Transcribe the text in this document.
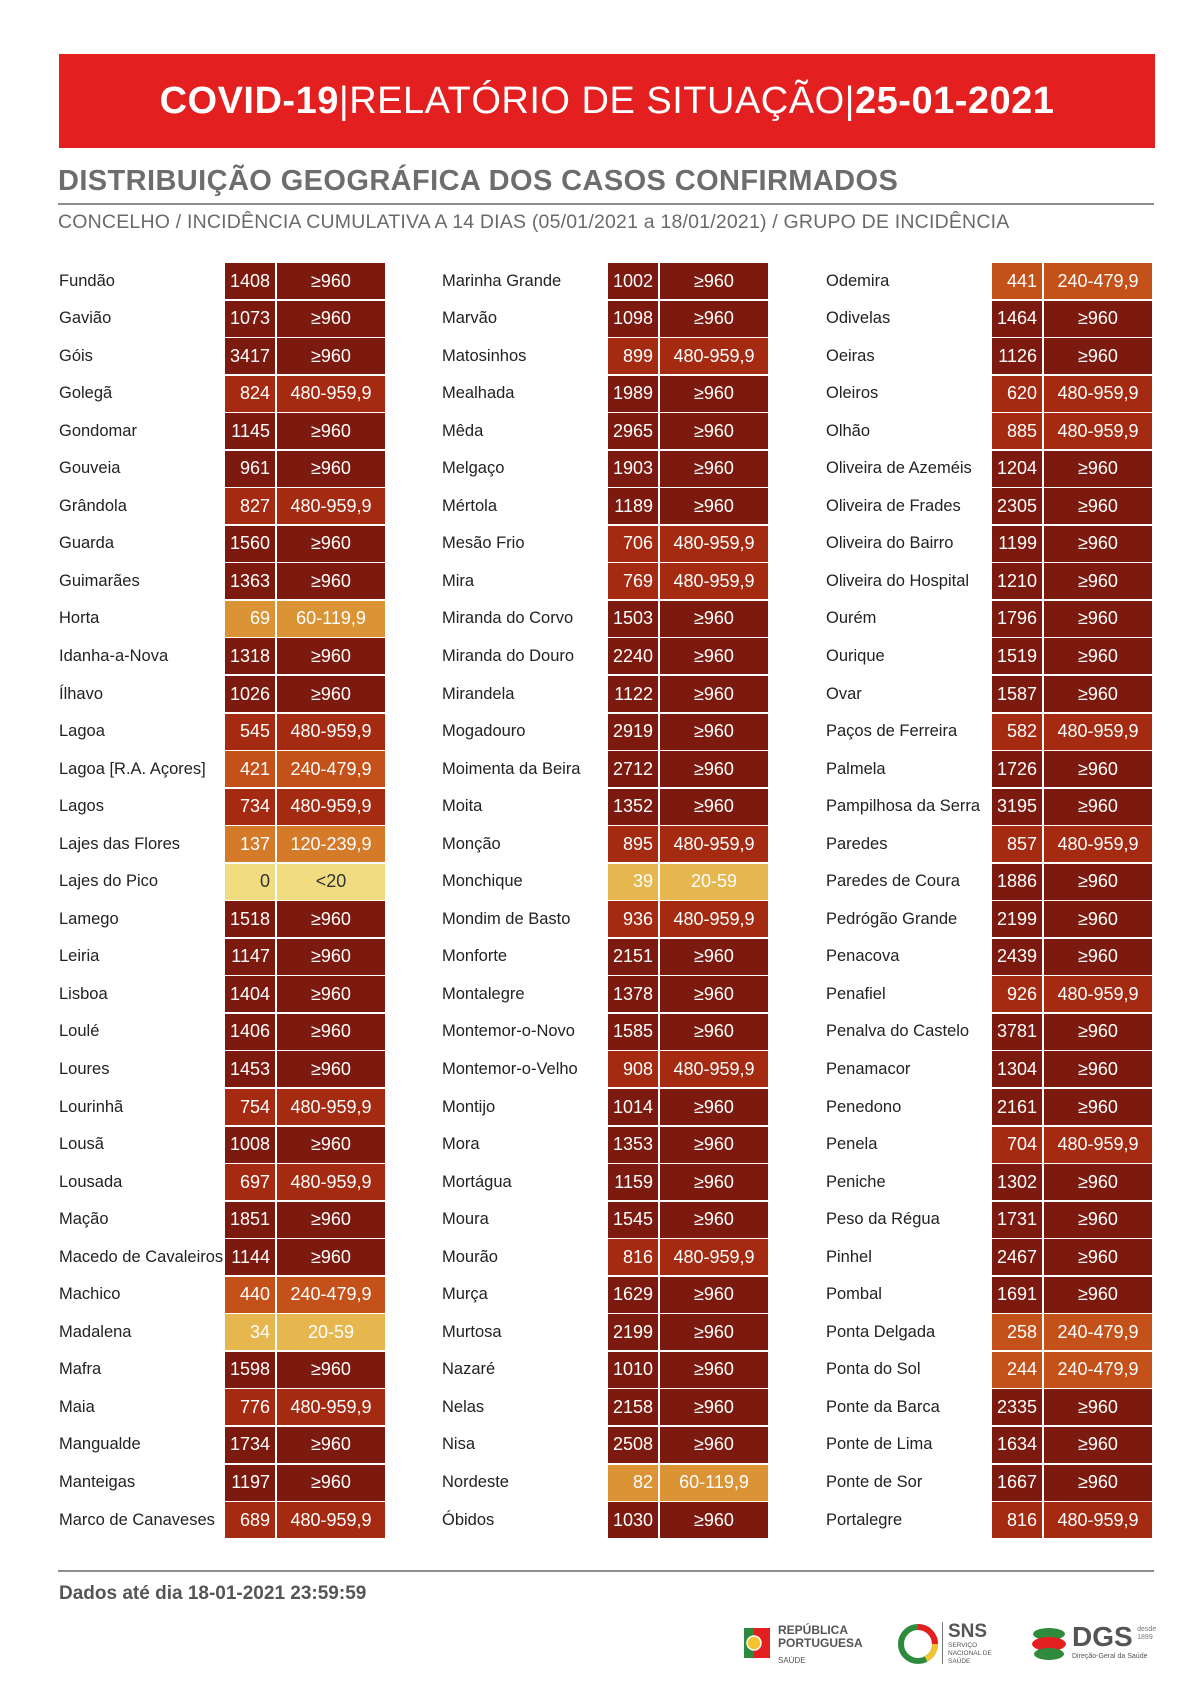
COVID-19 | RELATÓRIO DE SITUAÇÃO | 25-01-2021
DISTRIBUIÇÃO GEOGRÁFICA DOS CASOS CONFIRMADOS
CONCELHO / INCIDÊNCIA CUMULATIVA A 14 DIAS (05/01/2021 a 18/01/2021) / GRUPO DE INCIDÊNCIA
Fundão	1408	≥960
Gavião	1073	≥960
Góis	3417	≥960
Golegã	824	480-959,9
Gondomar	1145	≥960
Gouveia	961	≥960
Grândola	827	480-959,9
Guarda	1560	≥960
Guimarães	1363	≥960
Horta	69	60-119,9
Idanha-a-Nova	1318	≥960
Ílhavo	1026	≥960
Lagoa	545	480-959,9
Lagoa [R.A. Açores]	421	240-479,9
Lagos	734	480-959,9
Lajes das Flores	137	120-239,9
Lajes do Pico	0	<20
Lamego	1518	≥960
Leiria	1147	≥960
Lisboa	1404	≥960
Loulé	1406	≥960
Loures	1453	≥960
Lourinhã	754	480-959,9
Lousã	1008	≥960
Lousada	697	480-959,9
Mação	1851	≥960
Macedo de Cavaleiros 1144	≥960
Machico	440	240-479,9
Madalena	34	20-59
Mafra	1598	≥960
Maia	776	480-959,9
Mangualde	1734	≥960
Manteigas	1197	≥960
Marco de Canaveses	689	480-959,9
Marinha Grande	1002	≥960
Marvão	1098	≥960
Matosinhos	899	480-959,9
Mealhada	1989	≥960
Mêda	2965	≥960
Melgaço	1903	≥960
Mértola	1189	≥960
Mesão Frio	706	480-959,9
Mira	769	480-959,9
Miranda do Corvo	1503	≥960
Miranda do Douro	2240	≥960
Mirandela	1122	≥960
Mogadouro	2919	≥960
Moimenta da Beira	2712	≥960
Moita	1352	≥960
Monção	895	480-959,9
Monchique	39	20-59
Mondim de Basto	936	480-959,9
Monforte	2151	≥960
Montalegre	1378	≥960
Montemor-o-Novo	1585	≥960
Montemor-o-Velho	908	480-959,9
Montijo	1014	≥960
Mora	1353	≥960
Mortágua	1159	≥960
Moura	1545	≥960
Mourão	816	480-959,9
Murça	1629	≥960
Murtosa	2199	≥960
Nazaré	1010	≥960
Nelas	2158	≥960
Nisa	2508	≥960
Nordeste	82	60-119,9
Óbidos	1030	≥960
Odemira	441	240-479,9
Odivelas	1464	≥960
Oeiras	1126	≥960
Oleiros	620	480-959,9
Olhão	885	480-959,9
Oliveira de Azeméis	1204	≥960
Oliveira de Frades	2305	≥960
Oliveira do Bairro	1199	≥960
Oliveira do Hospital	1210	≥960
Ourém	1796	≥960
Ourique	1519	≥960
Ovar	1587	≥960
Paços de Ferreira	582	480-959,9
Palmela	1726	≥960
Pampilhosa da Serra 3195	≥960
Paredes	857	480-959,9
Paredes de Coura	1886	≥960
Pedrógão Grande	2199	≥960
Penacova	2439	≥960
Penafiel	926	480-959,9
Penalva do Castelo	3781	≥960
Penamacor	1304	≥960
Penedono	2161	≥960
Penela	704	480-959,9
Peniche	1302	≥960
Peso da Régua	1731	≥960
Pinhel	2467	≥960
Pombal	1691	≥960
Ponta Delgada	258	240-479,9
Ponta do Sol	244	240-479,9
Ponte da Barca	2335	≥960
Ponte de Lima	1634	≥960
Ponte de Sor	1667	≥960
Portalegre	816	480-959,9
Dados até dia 18-01-2021 23:59:59
REPÚBLICA
PORTUGUESA
SAÚDE
SNS
SERVIÇO NACIONAL DE SAÚDE
DGS desde 1899
Direção-Geral da Saúde
